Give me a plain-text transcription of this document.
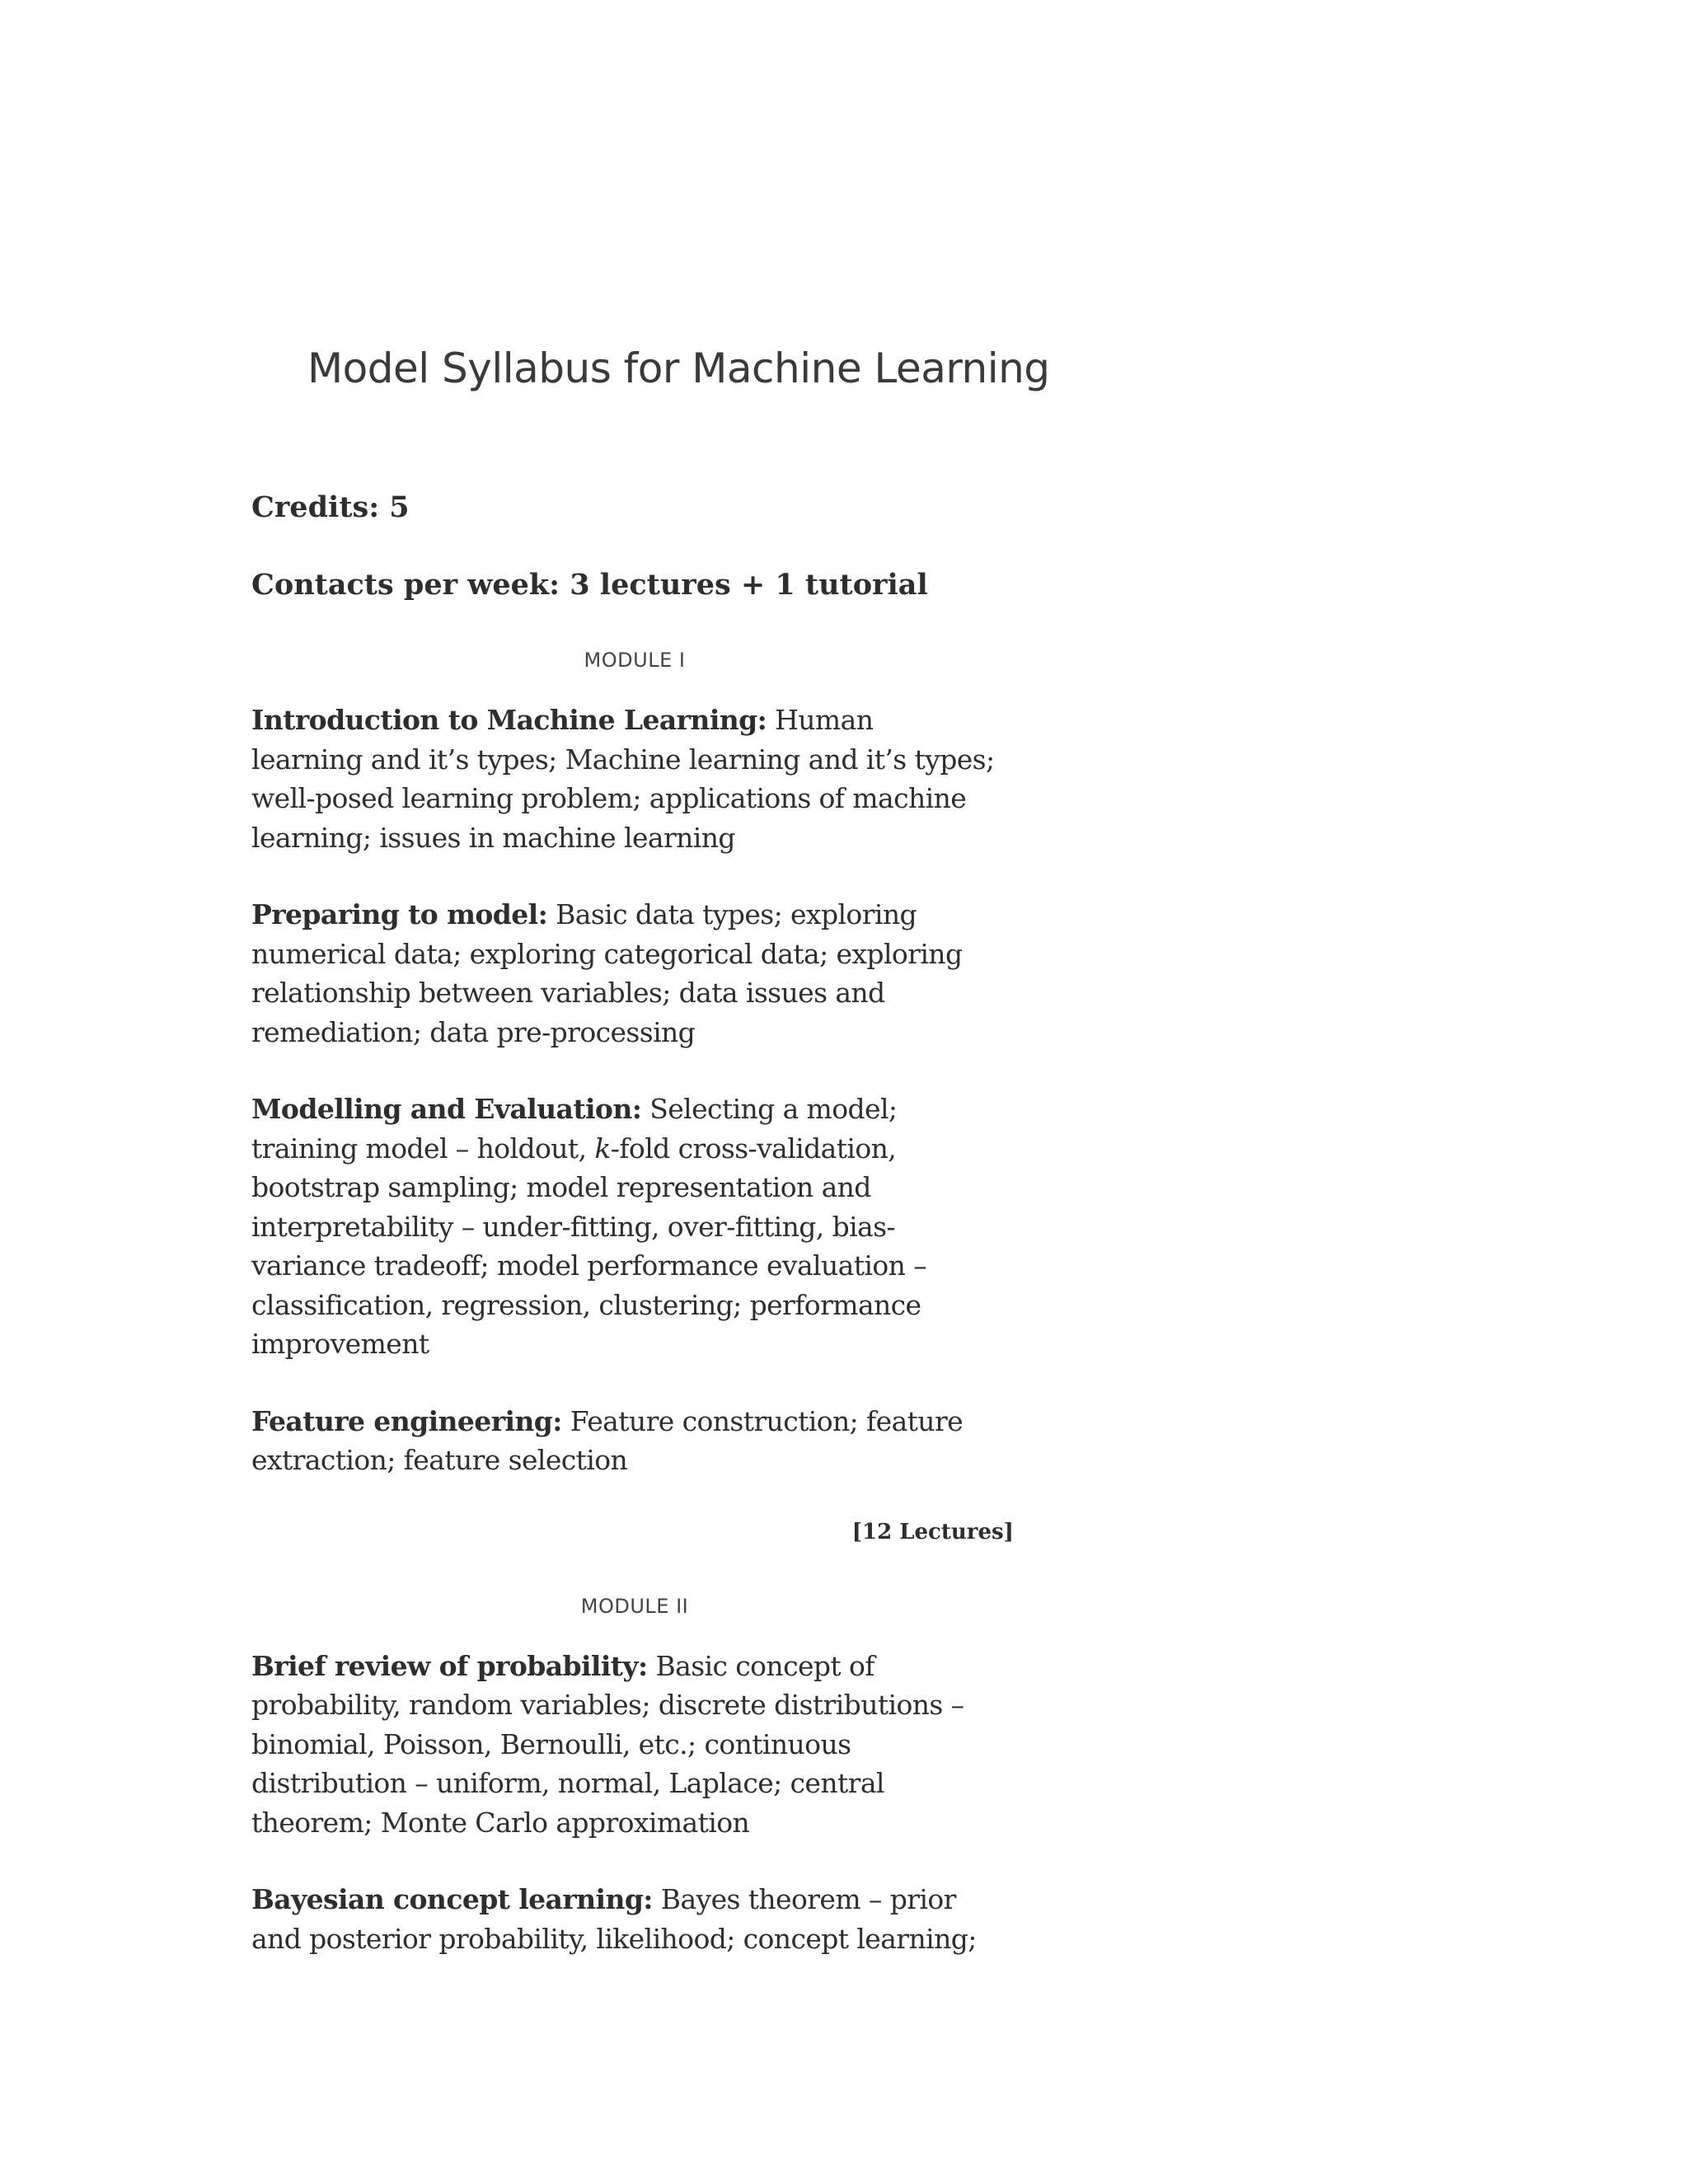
Model Syllabus for Machine Learning

Credits: 5

Contacts per week: 3 lectures + 1 tutorial

MODULE I

Introduction to Machine Learning: Human
learning and it’s types; Machine learning and it’s types;
well-posed learning problem; applications of machine
learning; issues in machine learning

Preparing to model: Basic data types; exploring
numerical data; exploring categorical data; exploring
relationship between variables; data issues and
remediation; data pre-processing

Modelling and Evaluation: Selecting a model;
training model – holdout, k-fold cross-validation,
bootstrap sampling; model representation and
interpretability – under-fitting, over-fitting, bias-
variance tradeoff; model performance evaluation –
classification, regression, clustering; performance
improvement

Feature engineering: Feature construction; feature
extraction; feature selection

[12 Lectures]

MODULE II

Brief review of probability: Basic concept of
probability, random variables; discrete distributions –
binomial, Poisson, Bernoulli, etc.; continuous
distribution – uniform, normal, Laplace; central
theorem; Monte Carlo approximation

Bayesian concept learning: Bayes theorem – prior
and posterior probability, likelihood; concept learning;
